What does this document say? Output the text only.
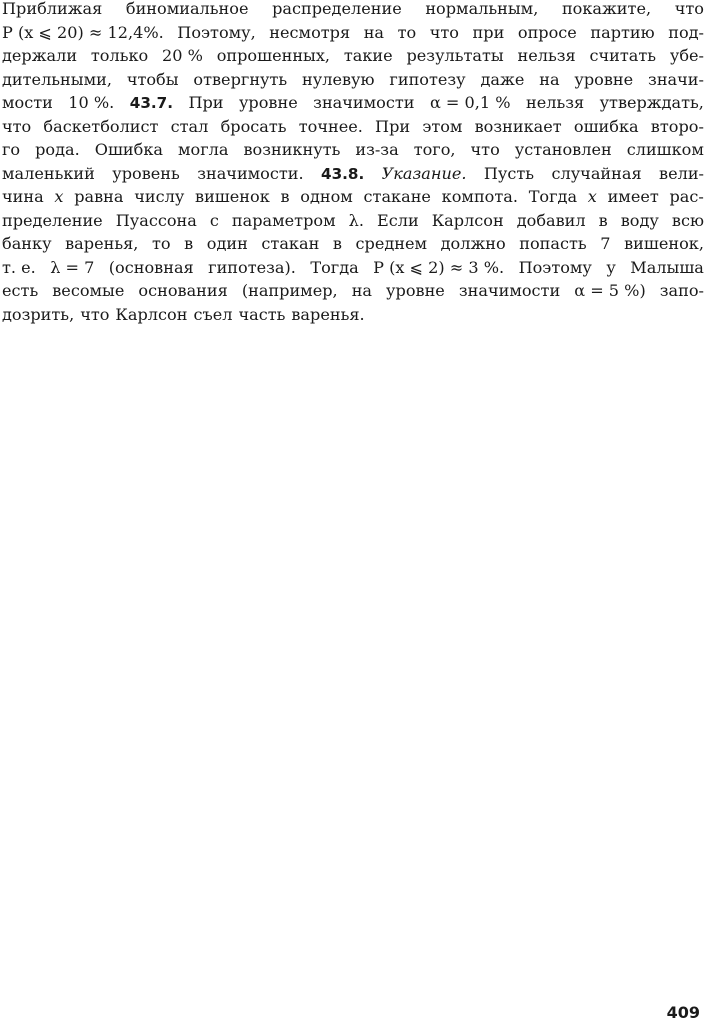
Приближая биномиальное распределение нормальным, покажите, что
P (x ⩽ 20) ≈ 12,4%. Поэтому, несмотря на то что при опросе партию под-
держали только 20 % опрошенных, такие результаты нельзя считать убе-
дительными, чтобы отвергнуть нулевую гипотезу даже на уровне значи-
мости 10 %. 43.7. При уровне значимости α = 0,1 % нельзя утверждать,
что баскетболист стал бросать точнее. При этом возникает ошибка второ-
го рода. Ошибка могла возникнуть из-за того, что установлен слишком
маленький уровень значимости. 43.8. Указание. Пусть случайная вели-
чина x равна числу вишенок в одном стакане компота. Тогда x имеет рас-
пределение Пуассона с параметром λ. Если Карлсон добавил в воду всю
банку варенья, то в один стакан в среднем должно попасть 7 вишенок,
т. е. λ = 7 (основная гипотеза). Тогда P (x ⩽ 2) ≈ 3 %. Поэтому у Малыша
есть весомые основания (например, на уровне значимости α = 5 %) запо-
дозрить, что Карлсон съел часть варенья.
409
